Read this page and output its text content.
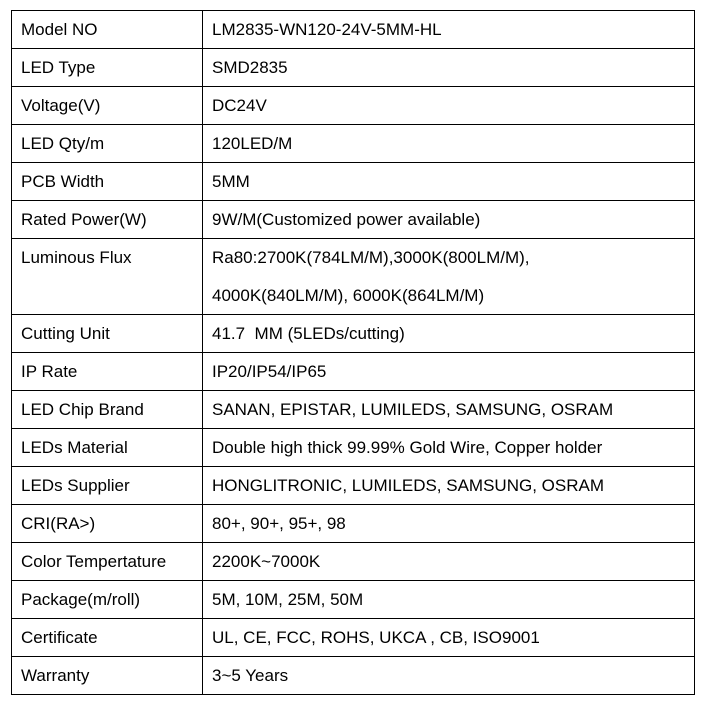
Model NO	LM2835-WN120-24V-5MM-HL
LED Type	SMD2835
Voltage(V)	DC24V
LED Qty/m	120LED/M
PCB Width	5MM
Rated Power(W)	9W/M(Customized power available)
Luminous Flux	Ra80:2700K(784LM/M),3000K(800LM/M),
4000K(840LM/M), 6000K(864LM/M)

Cutting Unit	41.7  MM (5LEDs/cutting)
IP Rate	IP20/IP54/IP65
LED Chip Brand	SANAN, EPISTAR, LUMILEDS, SAMSUNG, OSRAM
LEDs Material	Double high thick 99.99% Gold Wire, Copper holder
LEDs Supplier	HONGLITRONIC, LUMILEDS, SAMSUNG, OSRAM
CRI(RA>)	80+, 90+, 95+, 98
Color Tempertature	2200K~7000K
Package(m/roll)	5M, 10M, 25M, 50M
Certificate	UL, CE, FCC, ROHS, UKCA , CB, ISO9001
Warranty	3~5 Years
